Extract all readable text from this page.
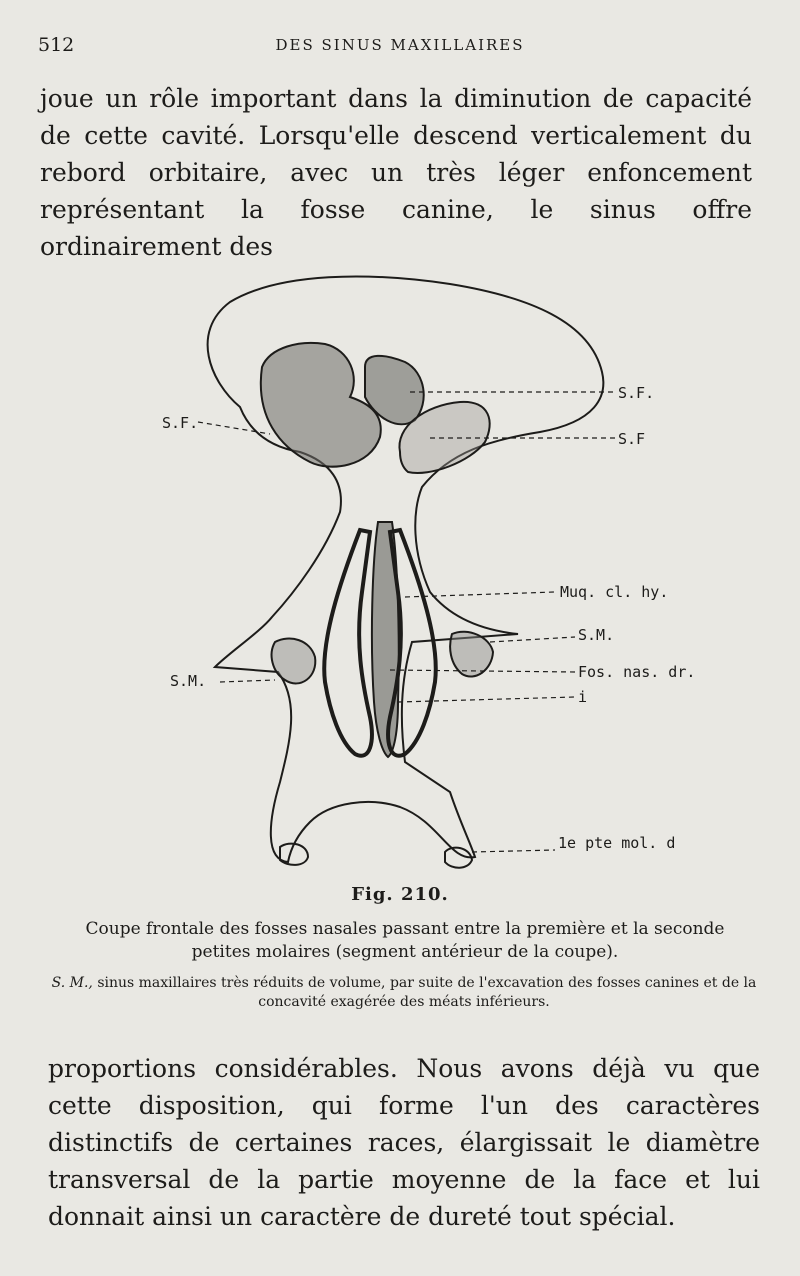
512	DES SINUS MAXILLAIRES

joue un rôle important dans la diminution de capacité de cette cavité. Lorsqu'elle descend verticalement du rebord orbitaire, avec un très léger enfoncement représentant la fosse canine, le sinus offre ordinairement des

S.F.
S.F.
S.F
Muq. cl. hy.
S.M.
S.M.	Fos. nas. dr.
i
1e pte mol. d
Fig. 210.

Coupe frontale des fosses nasales passant entre la première et la seconde petites molaires (segment antérieur de la coupe).

S. M., sinus maxillaires très réduits de volume, par suite de l'excavation des fosses canines et de la concavité exagérée des méats inférieurs.

proportions considérables. Nous avons déjà vu que cette disposition, qui forme l'un des caractères distinctifs de certaines races, élargissait le diamètre transversal de la partie moyenne de la face et lui donnait ainsi un caractère de dureté tout spécial.
